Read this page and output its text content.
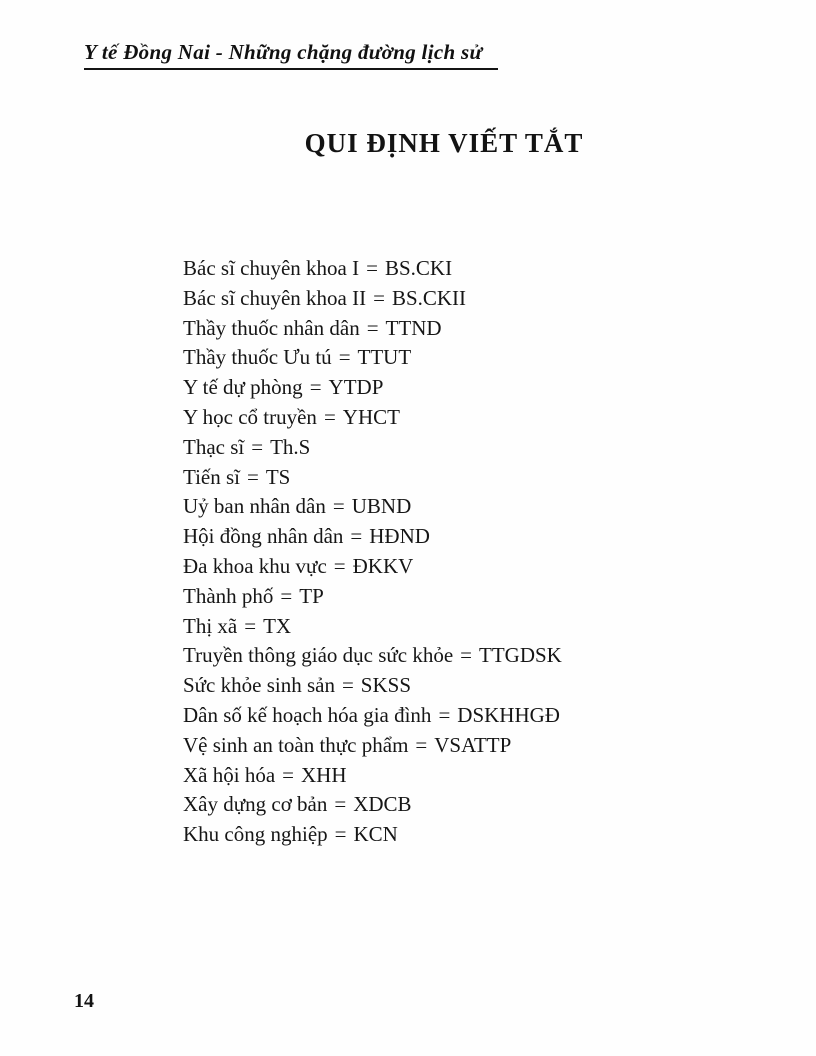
Y tế Đồng Nai - Những chặng đường lịch sử
QUI ĐỊNH VIẾT TẮT
Bác sĩ chuyên khoa I = BS.CKI
Bác sĩ chuyên khoa II = BS.CKII
Thầy thuốc nhân dân = TTND
Thầy thuốc Ưu tú = TTUT
Y tế dự phòng = YTDP
Y học cổ truyền = YHCT
Thạc sĩ = Th.S
Tiến sĩ = TS
Uỷ ban nhân dân = UBND
Hội đồng nhân dân = HĐND
Đa khoa khu vực = ĐKKV
Thành phố = TP
Thị xã = TX
Truyền thông giáo dục sức khỏe = TTGDSK
Sức khỏe sinh sản = SKSS
Dân số kế hoạch hóa gia đình = DSKHHGĐ
Vệ sinh an toàn thực phẩm = VSATTP
Xã hội hóa = XHH
Xây dựng cơ bản = XDCB
Khu công nghiệp = KCN
14
